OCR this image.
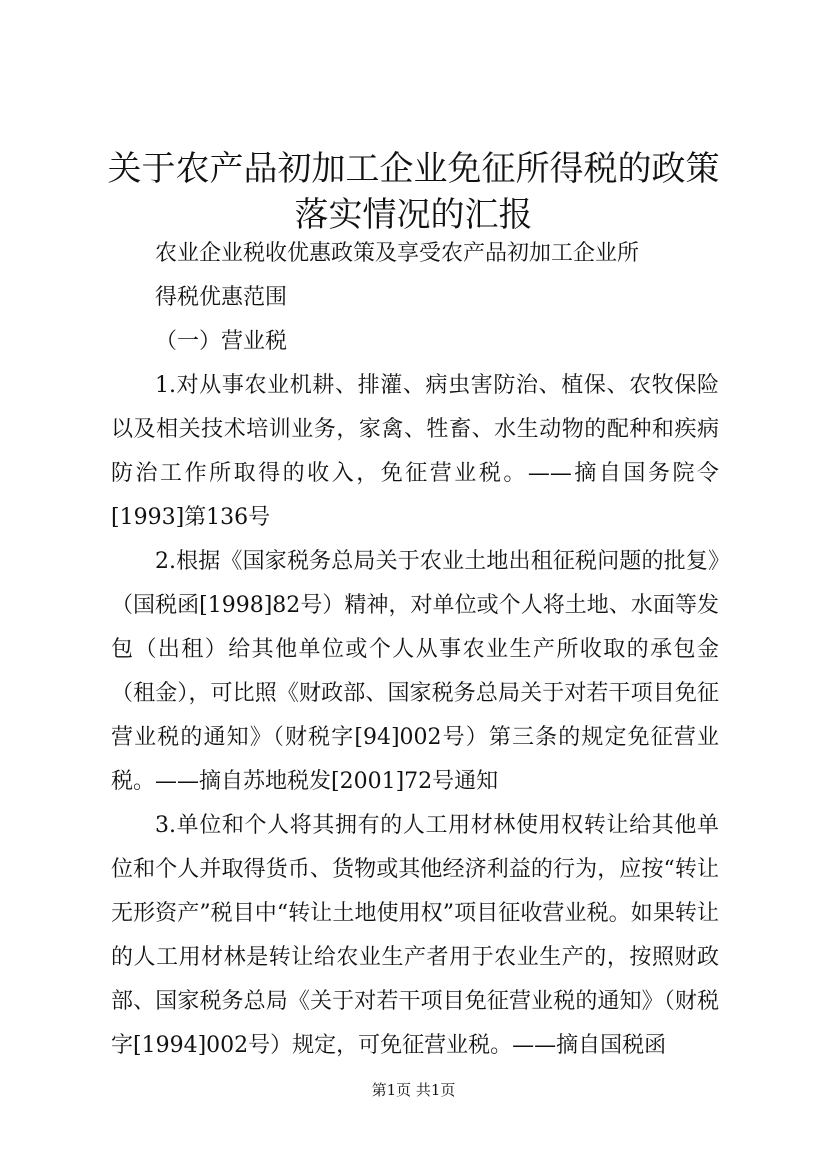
关于农产品初加工企业免征所得税的政策落实情况的汇报

农业企业税收优惠政策及享受农产品初加工企业所

得税优惠范围

（一）营业税

1.对从事农业机耕、排灌、病虫害防治、植保、农牧保险以及相关技术培训业务，家禽、牲畜、水生动物的配种和疾病防治工作所取得的收入，免征营业税。——摘自国务院令[1993]第136号

2.根据《国家税务总局关于农业土地出租征税问题的批复》（国税函[1998]82号）精神，对单位或个人将土地、水面等发包（出租）给其他单位或个人从事农业生产所收取的承包金（租金），可比照《财政部、国家税务总局关于对若干项目免征营业税的通知》（财税字[94]002号）第三条的规定免征营业税。——摘自苏地税发[2001]72号通知

3.单位和个人将其拥有的人工用材林使用权转让给其他单位和个人并取得货币、货物或其他经济利益的行为，应按“转让无形资产”税目中“转让土地使用权”项目征收营业税。如果转让的人工用材林是转让给农业生产者用于农业生产的，按照财政部、国家税务总局《关于对若干项目免征营业税的通知》（财税字[1994]002号）规定，可免征营业税。——摘自国税函

第1页 共1页
